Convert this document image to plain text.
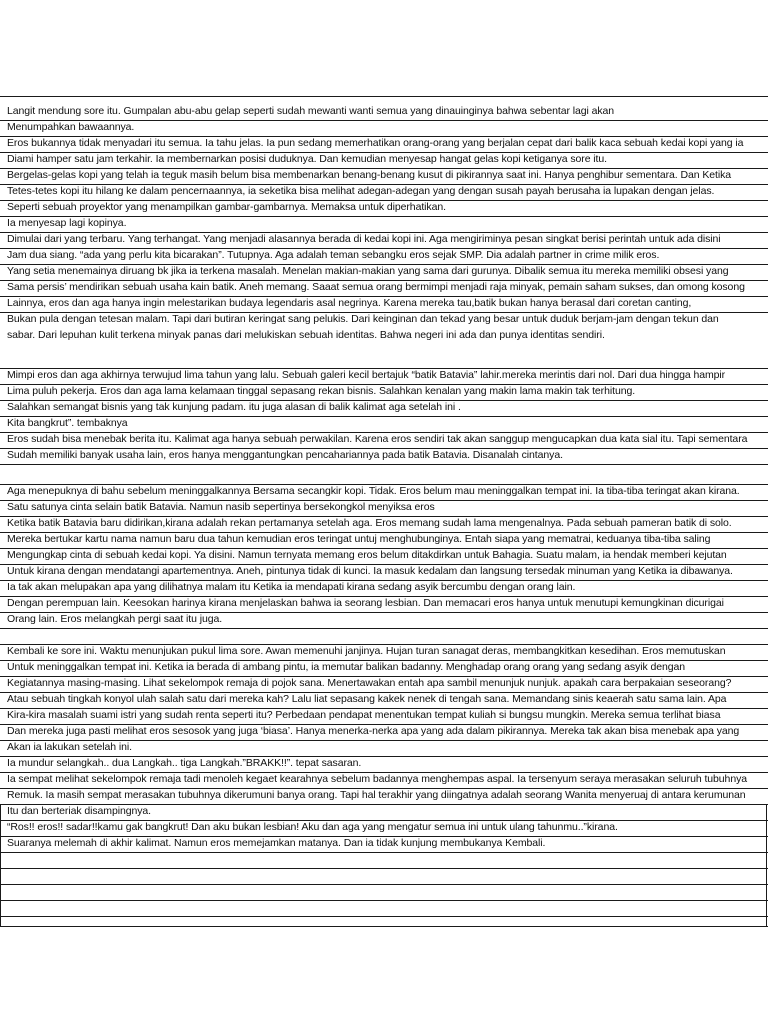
Langit mendung sore itu. Gumpalan abu-abu gelap seperti sudah mewanti wanti semua yang dinauinginya bahwa sebentar lagi akan
Menumpahkan bawaannya.
Eros bukannya tidak menyadari itu semua. Ia tahu jelas. Ia pun sedang memerhatikan orang-orang yang berjalan cepat dari balik kaca sebuah kedai kopi yang ia
Diami hamper satu jam terkahir. Ia membernarkan posisi duduknya. Dan kemudian menyesap hangat gelas kopi ketiganya sore itu.
Bergelas-gelas kopi yang telah ia teguk masih belum bisa membenarkan benang-benang kusut di pikirannya saat ini. Hanya penghibur sementara. Dan Ketika
Tetes-tetes kopi itu hilang ke dalam pencernaannya, ia seketika bisa melihat adegan-adegan yang dengan susah payah berusaha ia lupakan dengan jelas.
Seperti sebuah proyektor yang menampilkan gambar-gambarnya. Memaksa untuk diperhatikan.
Ia menyesap lagi kopinya.
Dimulai dari yang terbaru. Yang terhangat. Yang menjadi alasannya berada di kedai kopi ini. Aga mengiriminya pesan singkat berisi perintah untuk ada disini
Jam dua siang. “ada yang perlu kita bicarakan”. Tutupnya. Aga adalah teman sebangku eros sejak SMP. Dia adalah partner in crime milik eros.
Yang setia menemainya diruang bk jika ia terkena masalah. Menelan makian-makian yang sama dari gurunya. Dibalik semua itu mereka memiliki obsesi yang
Sama persis’ mendirikan sebuah usaha kain batik. Aneh memang. Saaat semua orang bermimpi menjadi raja minyak, pemain saham sukses, dan omong kosong
Lainnya, eros dan aga hanya ingin melestarikan budaya legendaris asal negrinya. Karena mereka tau,batik bukan hanya berasal dari coretan canting,
Bukan pula dengan tetesan malam. Tapi dari butiran keringat sang pelukis. Dari keinginan dan tekad yang besar untuk duduk berjam-jam dengan tekun dan
sabar. Dari lepuhan kulit terkena minyak panas dari melukiskan sebuah identitas. Bahwa negeri ini ada dan punya identitas sendiri.
Mimpi eros dan aga akhirnya terwujud lima tahun yang lalu. Sebuah galeri kecil bertajuk “batik Batavia” lahir.mereka merintis dari nol. Dari dua hingga hampir
Lima puluh pekerja. Eros dan aga lama kelamaan tinggal sepasang rekan bisnis. Salahkan kenalan yang makin lama makin tak terhitung.
Salahkan semangat bisnis yang tak kunjung padam. itu juga alasan di balik kalimat aga setelah ini .
Kita bangkrut”. tembaknya
Eros sudah bisa menebak berita itu. Kalimat aga hanya sebuah perwakilan. Karena eros sendiri tak akan sanggup mengucapkan dua kata sial itu. Tapi sementara
Sudah memiliki banyak usaha lain, eros hanya menggantungkan pencahariannya pada batik Batavia. Disanalah cintanya.
Aga menepuknya di bahu sebelum meninggalkannya Bersama secangkir kopi. Tidak. Eros belum mau meninggalkan tempat ini. Ia tiba-tiba teringat akan kirana.
Satu satunya cinta selain batik Batavia. Namun nasib sepertinya bersekongkol menyiksa eros
Ketika batik Batavia baru didirikan,kirana adalah rekan pertamanya setelah aga. Eros memang sudah lama mengenalnya. Pada sebuah pameran batik di solo.
Mereka bertukar kartu nama namun baru dua tahun kemudian eros teringat untuj menghubunginya. Entah siapa yang mematrai, keduanya tiba-tiba saling
Mengungkap cinta di sebuah kedai kopi. Ya disini. Namun ternyata memang eros belum ditakdirkan untuk Bahagia. Suatu malam, ia hendak memberi kejutan
Untuk kirana dengan mendatangi apartementnya. Aneh, pintunya tidak di kunci. Ia masuk kedalam dan langsung tersedak minuman yang Ketika ia dibawanya.
Ia tak akan melupakan apa yang dilihatnya malam itu Ketika ia mendapati kirana sedang asyik bercumbu dengan orang lain.
Dengan perempuan lain. Keesokan harinya kirana menjelaskan bahwa ia seorang lesbian. Dan memacari eros hanya untuk menutupi kemungkinan dicurigai
Orang lain. Eros melangkah pergi saat itu juga.
Kembali ke sore ini. Waktu menunjukan pukul lima sore. Awan memenuhi janjinya. Hujan turan sanagat deras, membangkitkan kesedihan. Eros memutuskan
Untuk meninggalkan tempat ini. Ketika ia berada di ambang pintu, ia memutar balikan badanny. Menghadap orang orang yang sedang asyik dengan
Kegiatannya masing-masing. Lihat sekelompok remaja di pojok sana. Menertawakan entah apa sambil menunjuk nunjuk. apakah cara berpakaian seseorang?
Atau sebuah tingkah konyol ulah salah satu dari mereka kah? Lalu liat sepasang kakek nenek di tengah sana. Memandang sinis keaerah satu sama lain. Apa
Kira-kira masalah suami istri yang sudah renta seperti itu? Perbedaan pendapat menentukan tempat kuliah si bungsu mungkin. Mereka semua terlihat biasa
Dan mereka juga pasti melihat eros sesosok yang juga ‘biasa’. Hanya menerka-nerka apa yang ada dalam pikirannya. Mereka tak akan bisa menebak apa yang
Akan ia lakukan setelah ini.
Ia mundur selangkah.. dua Langkah.. tiga Langkah.”BRAKK!!”. tepat sasaran.
Ia sempat melihat sekelompok remaja tadi menoleh kegaet kearahnya sebelum badannya menghempas aspal. Ia tersenyum seraya merasakan seluruh tubuhnya
Remuk. Ia masih sempat merasakan tubuhnya dikerumuni banya orang. Tapi hal terakhir yang diingatnya adalah seorang Wanita menyeruaj di antara kerumunan
Itu dan berteriak disampingnya.
“Ros!! eros!! sadar!!kamu gak bangkrut! Dan aku bukan lesbian! Aku dan aga yang mengatur semua ini untuk ulang tahunmu..”kirana.
Suaranya melemah di akhir kalimat. Namun eros memejamkan matanya. Dan ia tidak kunjung membukanya Kembali.
